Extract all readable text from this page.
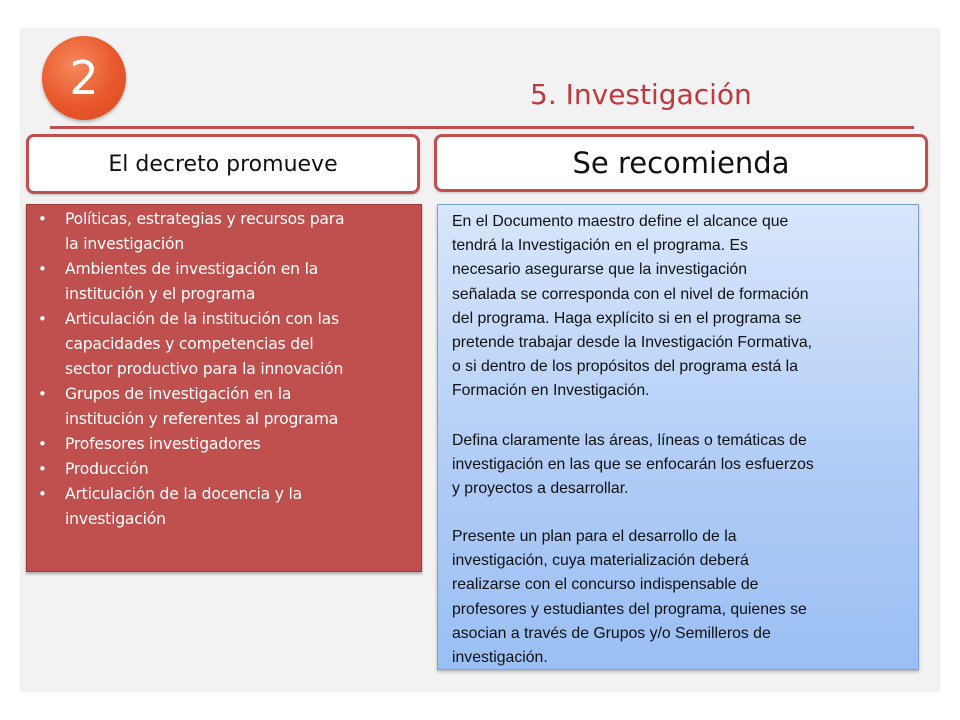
2	5. Investigación
El decreto promueve	Se recomienda
• Políticas, estrategias y recursos para
la investigación
• Ambientes de investigación en la
institución y el programa
• Articulación de la institución con las
capacidades y competencias del
sector productivo para la innovación
• Grupos de investigación en la
institución y referentes al programa
• Profesores investigadores
• Producción
• Articulación de la docencia y la
investigación

En el Documento maestro define el alcance que
tendrá la Investigación en el programa. Es
necesario asegurarse que la investigación
señalada se corresponda con el nivel de formación
del programa. Haga explícito si en el programa se
pretende trabajar desde la Investigación Formativa,
o si dentro de los propósitos del programa está la
Formación en Investigación.

Defina claramente las áreas, líneas o temáticas de
investigación en las que se enfocarán los esfuerzos
y proyectos a desarrollar.

Presente un plan para el desarrollo de la
investigación, cuya materialización deberá
realizarse con el concurso indispensable de
profesores y estudiantes del programa, quienes se
asocian a través de Grupos y/o Semilleros de
investigación.
